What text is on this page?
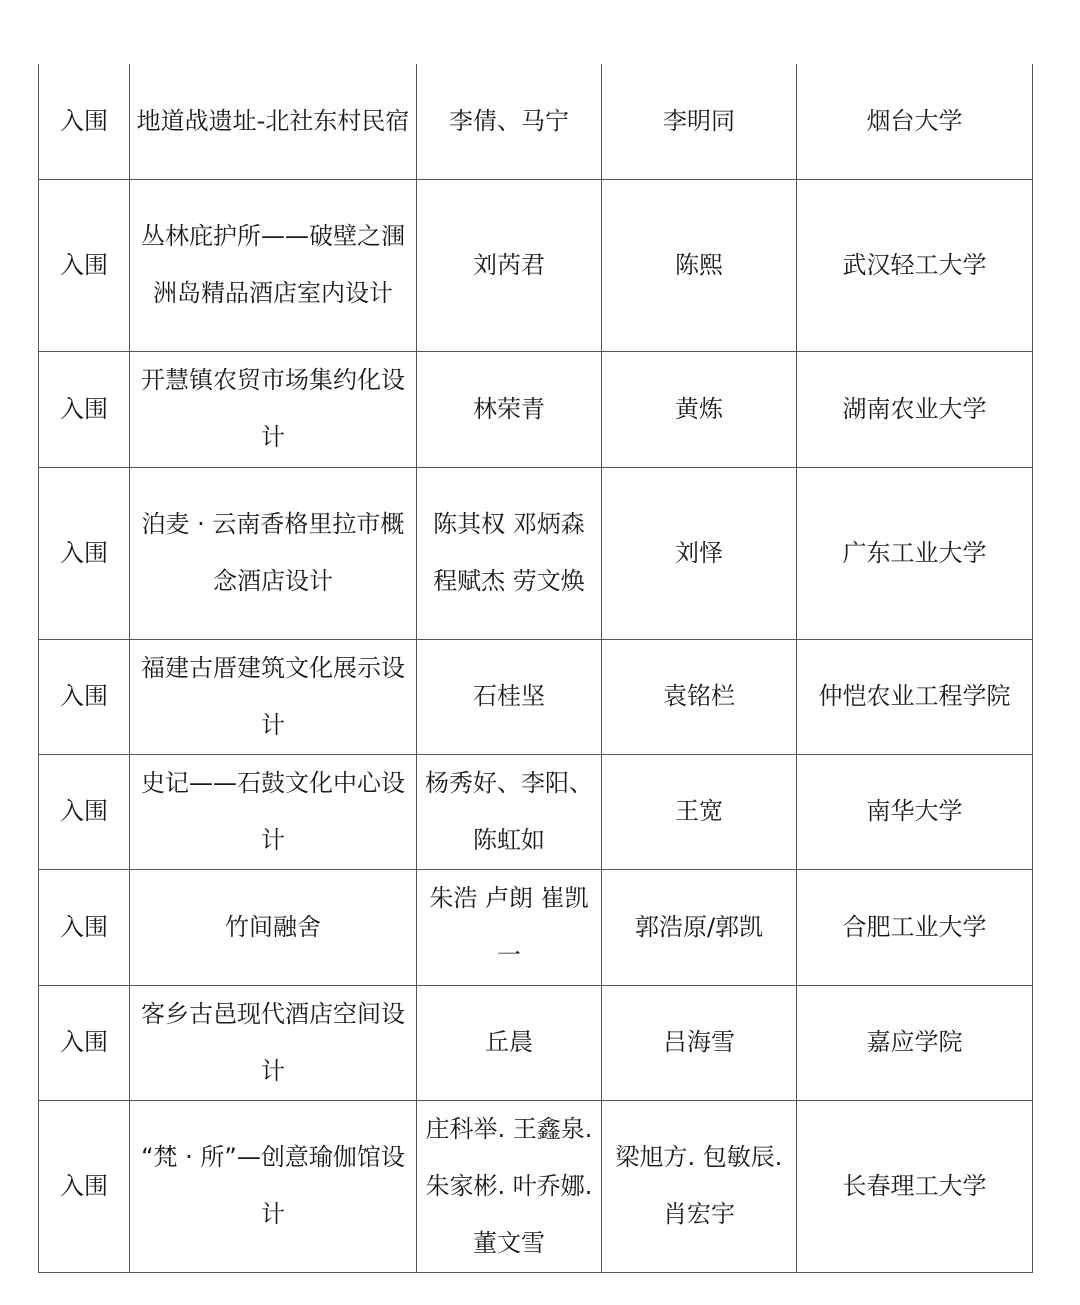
入围	地道战遗址-北社东村民宿	李倩、马宁	李明同	烟台大学
入围	丛林庇护所——破壁之涠洲岛精品酒店室内设计	刘芮君	陈熙	武汉轻工大学
入围	开慧镇农贸市场集约化设计	林荣青	黄炼	湖南农业大学
入围	泊麦 · 云南香格里拉市概念酒店设计	陈其权 邓炳森 程赋杰 劳文焕	刘怿	广东工业大学
入围	福建古厝建筑文化展示设计	石桂坚	袁铭栏	仲恺农业工程学院
入围	史记——石鼓文化中心设计	杨秀好、李阳、陈虹如	王宽	南华大学
入围	竹间融舍	朱浩 卢朗 崔凯一	郭浩原/郭凯	合肥工业大学
入围	客乡古邑现代酒店空间设计	丘晨	吕海雪	嘉应学院
入围	“梵 · 所”—创意瑜伽馆设计	庄科举. 王鑫泉. 朱家彬. 叶乔娜. 董文雪	梁旭方. 包敏辰. 肖宏宇	长春理工大学
